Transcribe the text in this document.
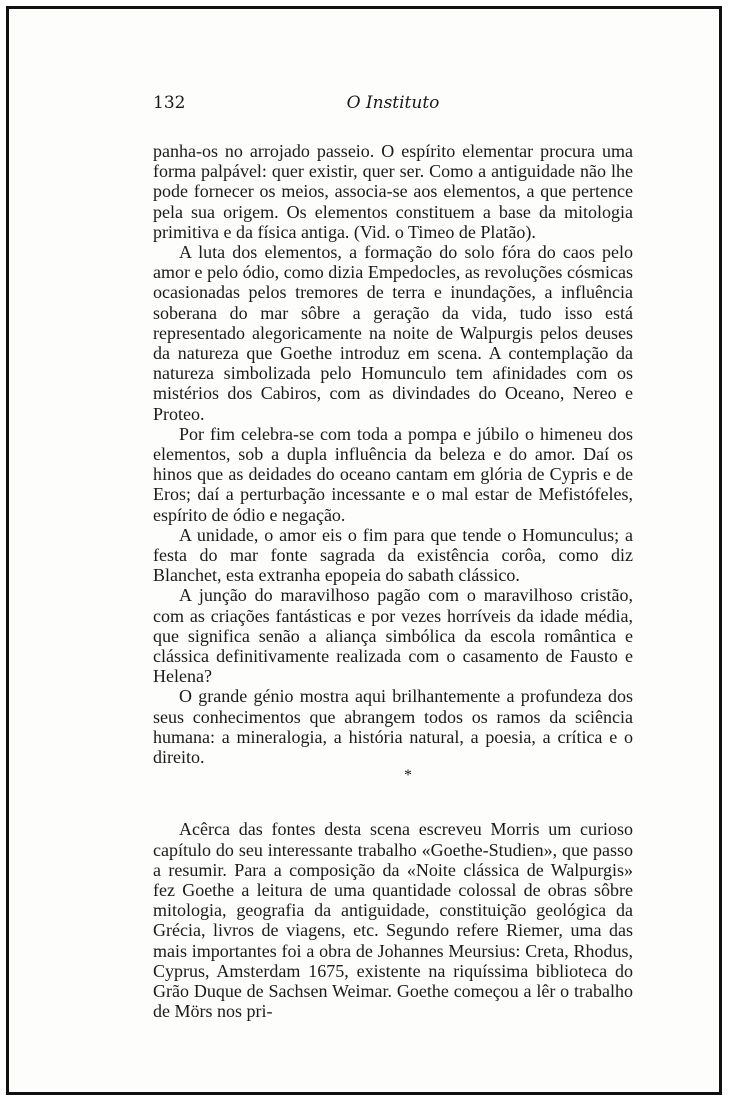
132	O Instituto

panha-os no arrojado passeio. O espírito elementar procura uma forma palpável: quer existir, quer ser. Como a antiguidade não lhe pode fornecer os meios, associa-se aos elementos, a que pertence pela sua origem. Os elementos constituem a base da mitologia primitiva e da física antiga. (Vid. o Timeo de Platão).

A luta dos elementos, a formação do solo fóra do caos pelo amor e pelo ódio, como dizia Empedocles, as revoluções cósmicas ocasionadas pelos tremores de terra e inundações, a influência soberana do mar sôbre a geração da vida, tudo isso está representado alegoricamente na noite de Walpurgis pelos deuses da natureza que Goethe introduz em scena. A contemplação da natureza simbolizada pelo Homunculo tem afinidades com os mistérios dos Cabiros, com as divindades do Oceano, Nereo e Proteo.

Por fim celebra-se com toda a pompa e júbilo o himeneu dos elementos, sob a dupla influência da beleza e do amor. Daí os hinos que as deidades do oceano cantam em glória de Cypris e de Eros; daí a perturbação incessante e o mal estar de Mefistófeles, espírito de ódio e negação.

A unidade, o amor eis o fim para que tende o Homunculus; a festa do mar fonte sagrada da existência corôa, como diz Blanchet, esta extranha epopeia do sabath clássico.

A junção do maravilhoso pagão com o maravilhoso cristão, com as criações fantásticas e por vezes horríveis da idade média, que significa senão a aliança simbólica da escola romântica e clássica definitivamente realizada com o casamento de Fausto e Helena?

O grande génio mostra aqui brilhantemente a profundeza dos seus conhecimentos que abrangem todos os ramos da sciência humana: a mineralogia, a história natural, a poesia, a crítica e o direito.

*

Acêrca das fontes desta scena escreveu Morris um curioso capítulo do seu interessante trabalho «Goethe-Studien», que passo a resumir. Para a composição da «Noite clássica de Walpurgis» fez Goethe a leitura de uma quantidade colossal de obras sôbre mitologia, geografia da antiguidade, constituição geológica da Grécia, livros de viagens, etc. Segundo refere Riemer, uma das mais importantes foi a obra de Johannes Meursius: Creta, Rhodus, Cyprus, Amsterdam 1675, existente na riquíssima biblioteca do Grão Duque de Sachsen Weimar. Goethe começou a lêr o trabalho de Mörs nos pri-
